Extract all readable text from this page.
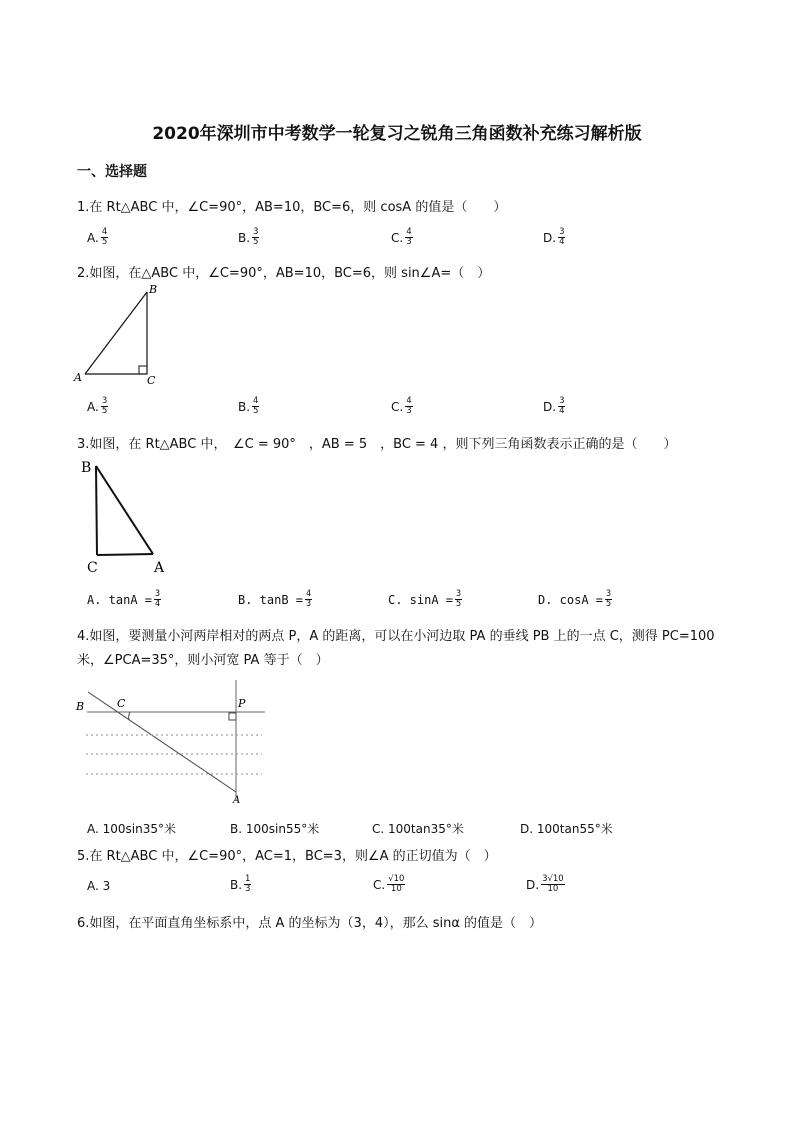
2020年深圳市中考数学一轮复习之锐角三角函数补充练习解析版
一、选择题
1.在 Rt△ABC 中，∠C=90°，AB=10，BC=6，则 cosA 的值是（　　）
A. $\frac{4}{5}$	B. $\frac{3}{5}$	C. $\frac{4}{3}$	D. $\frac{3}{4}$
2.如图，在△ABC 中，∠C=90°，AB=10，BC=6，则 sin∠A=（　）
A
B
C
A. $\frac{3}{5}$	B. $\frac{4}{5}$	C. $\frac{4}{3}$	D. $\frac{3}{4}$
3.如图，在 Rt△ABC 中，　∠C = 90°　，AB = 5　，BC = 4 ，则下列三角函数表示正确的是（　　）
B
C	A
A. $\tan A = \frac{3}{4}$	B. $\tan B = \frac{4}{3}$	C. $\sin A = \frac{3}{5}$	D. $\cos A = \frac{3}{5}$
4.如图，要测量小河两岸相对的两点 P，A 的距离，可以在小河边取 PA 的垂线 PB 上的一点 C，测得 PC=100
米，∠PCA=35°，则小河宽 PA 等于（　）
B	C	P
A
A. 100sin35°米	B. 100sin55°米	C. 100tan35°米	D. 100tan55°米
5.在 Rt△ABC 中，∠C=90°，AC=1，BC=3，则∠A 的正切值为（　）
A. 3	B. $\frac{1}{3}$	C. $\frac{√10}{10}$	D. $\frac{3√10}{10}$
6.如图，在平面直角坐标系中，点 A 的坐标为（3，4），那么 sinα 的值是（　）
